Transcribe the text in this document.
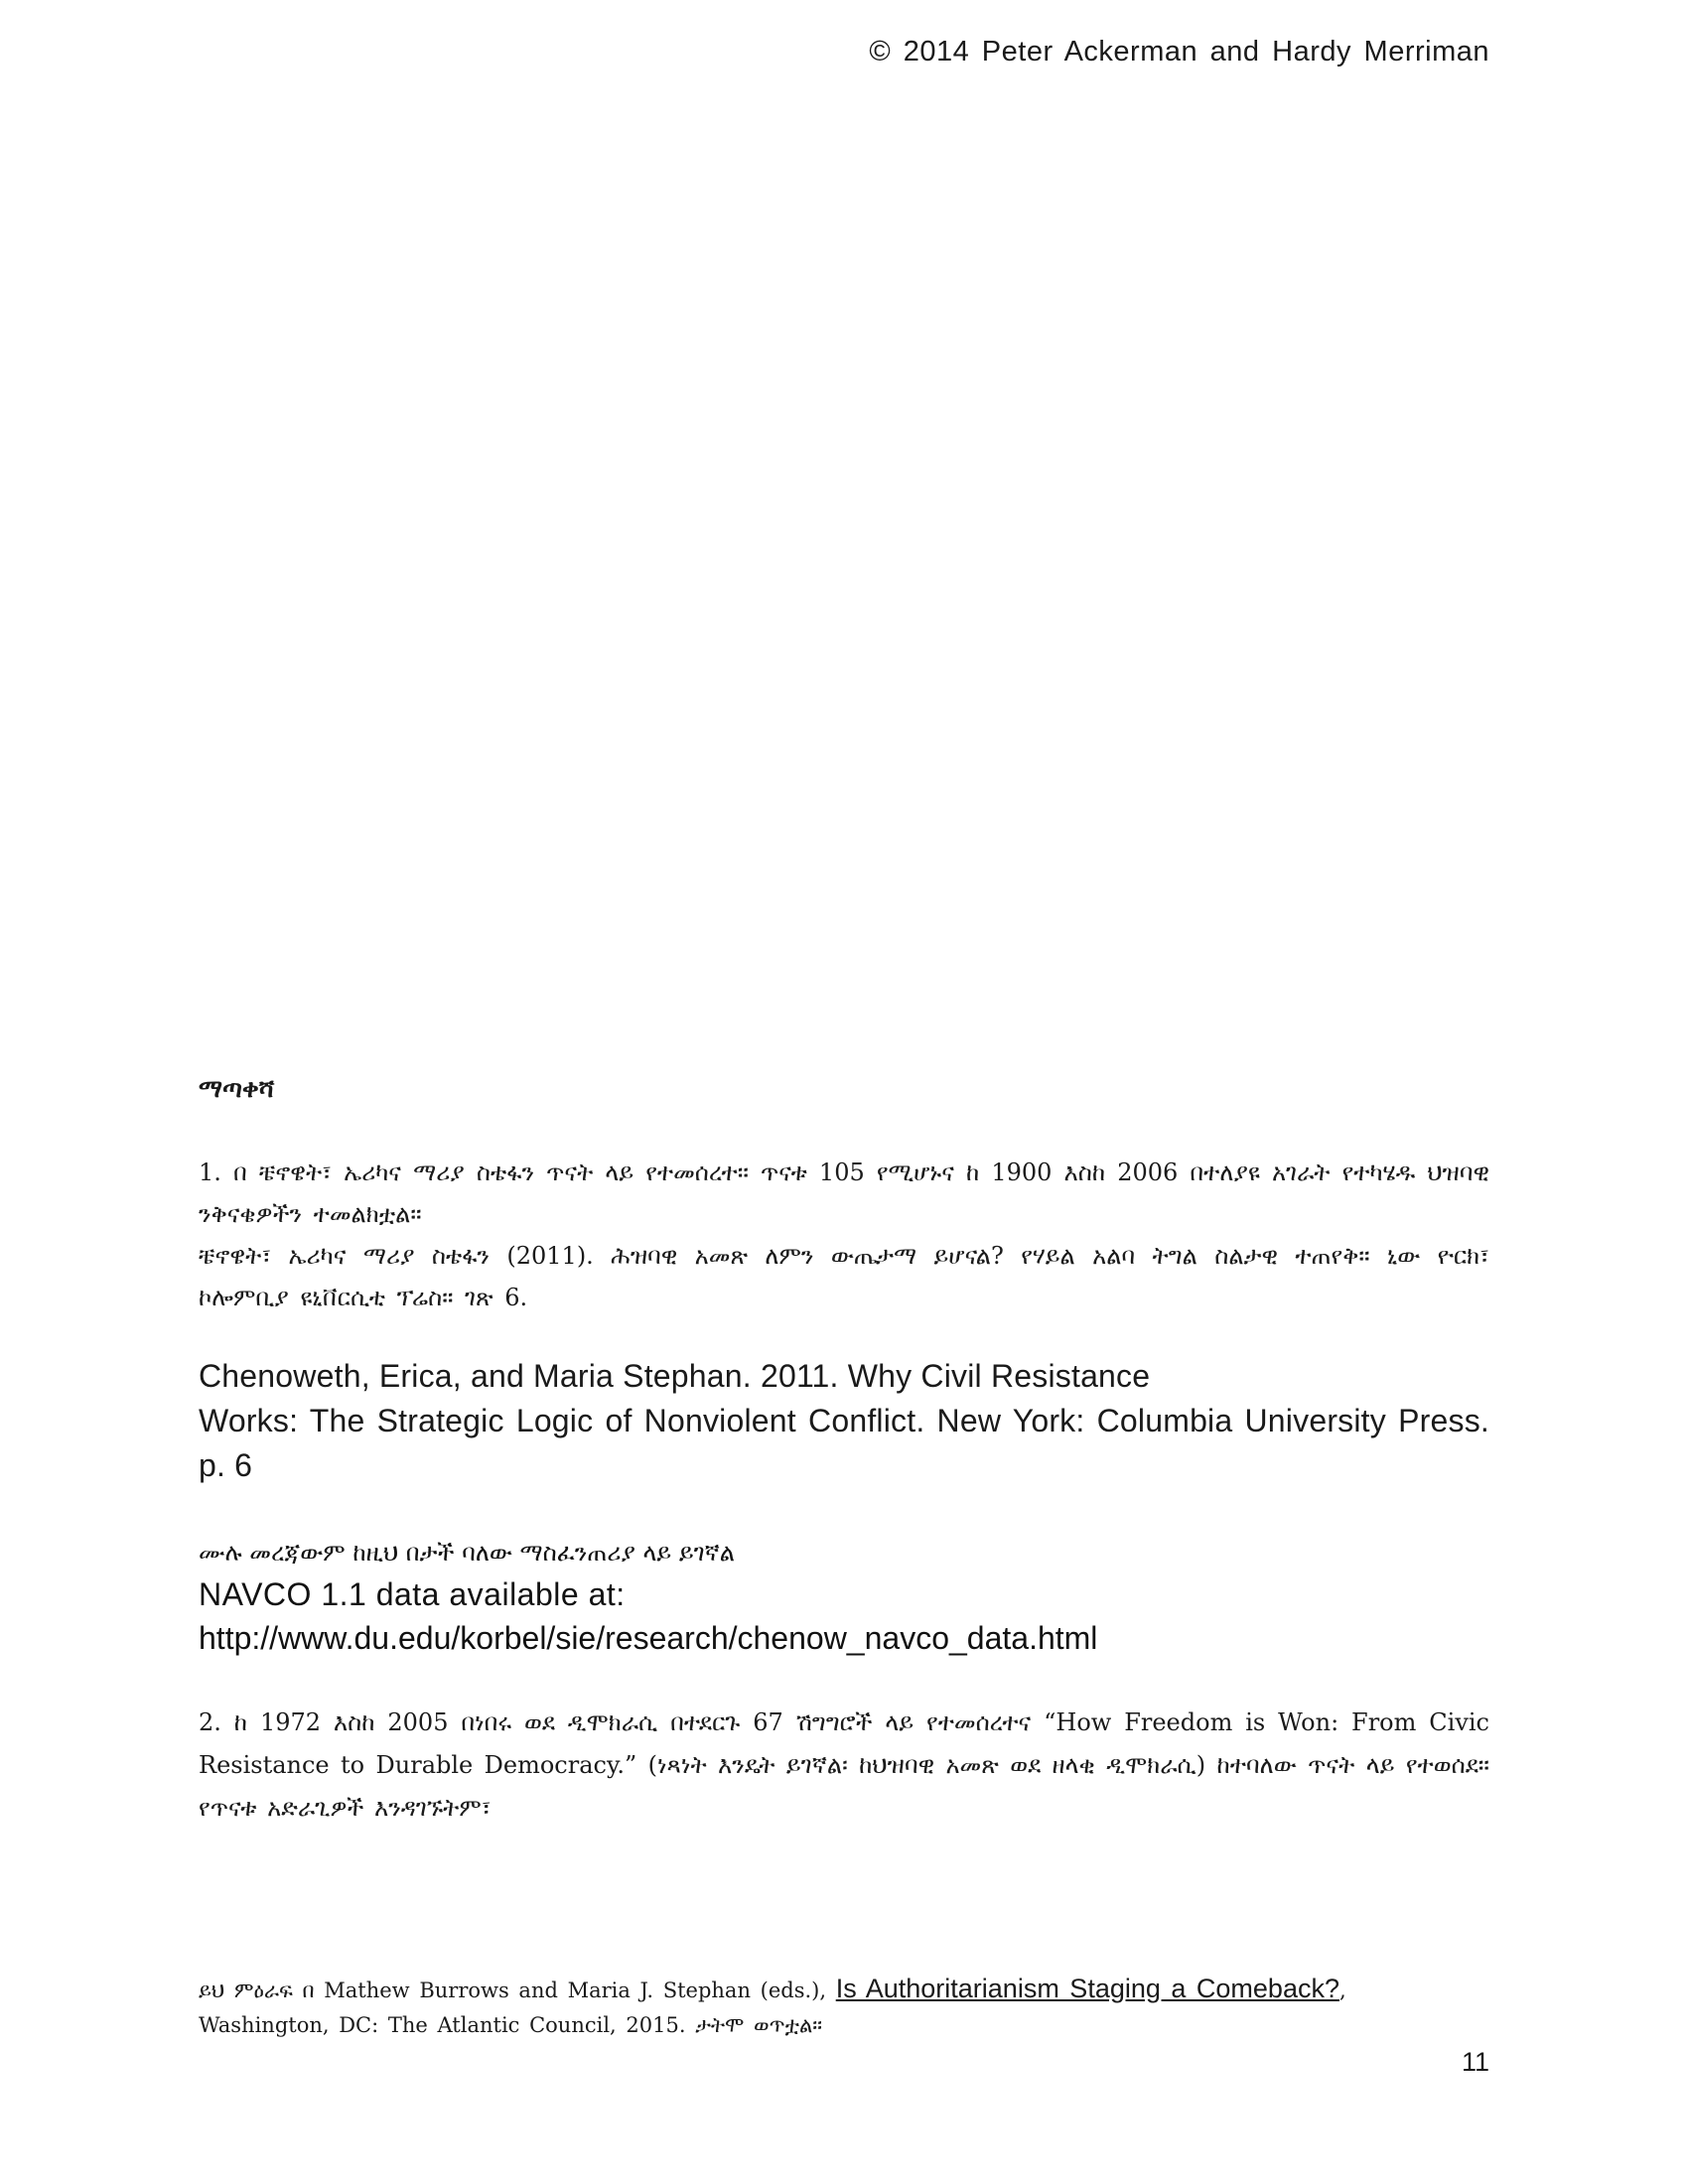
© 2014 Peter Ackerman and Hardy Merriman
ማጣቀሻ

1. በ ቼኖዌት፣ ኤሪካና ማሪያ ስቴፋን ጥናት ላይ የተመሰረተ። ጥናቱ 105 የሚሆኑና ከ 1900 እስከ 2006 በተለያዩ አገራት የተካሄዱ ህዝባዊ ንቅናቄዎችን ተመልክቷል።

ቼኖዌት፣ ኤሪካና ማሪያ ስቴፋን (2011). ሕዝባዊ አመጽ ለምን ውጤታማ ይሆናል? የሃይል አልባ ትግል ስልታዊ ተጠየቅ። ኒው ዮርክ፣ ኮሎምቢያ ዩኒቨርሲቲ ፕሬስ። ገጽ 6.

Chenoweth, Erica, and Maria Stephan. 2011. Why Civil Resistance
Works: The Strategic Logic of Nonviolent Conflict. New York: Columbia University Press. p. 6
ሙሉ መረጃውም ከዚህ በታች ባለው ማስፈንጠሪያ ላይ ይገኛል
NAVCO 1.1 data available at:
http://www.du.edu/korbel/sie/research/chenow_navco_data.html
2. ከ 1972 እስከ 2005 በነበሩ ወደ ዲሞክራሲ በተደርጉ 67 ሽግግሮች ላይ የተመሰረተና “How Freedom is Won: From Civic Resistance to Durable Democracy.” (ነጻነት እንዴት ይገኛል፡ ከህዝባዊ አመጽ ወደ ዘላቂ ዲሞክራሲ) ከተባለው ጥናት ላይ የተወሰደ። የጥናቱ አድራጊዎች እንዳገኙትም፣
ይህ ምዕራፍ በ Mathew Burrows and Maria J. Stephan (eds.), Is Authoritarianism Staging a Comeback?,
Washington, DC: The Atlantic Council, 2015. ታትሞ ወጥቷል።
11
